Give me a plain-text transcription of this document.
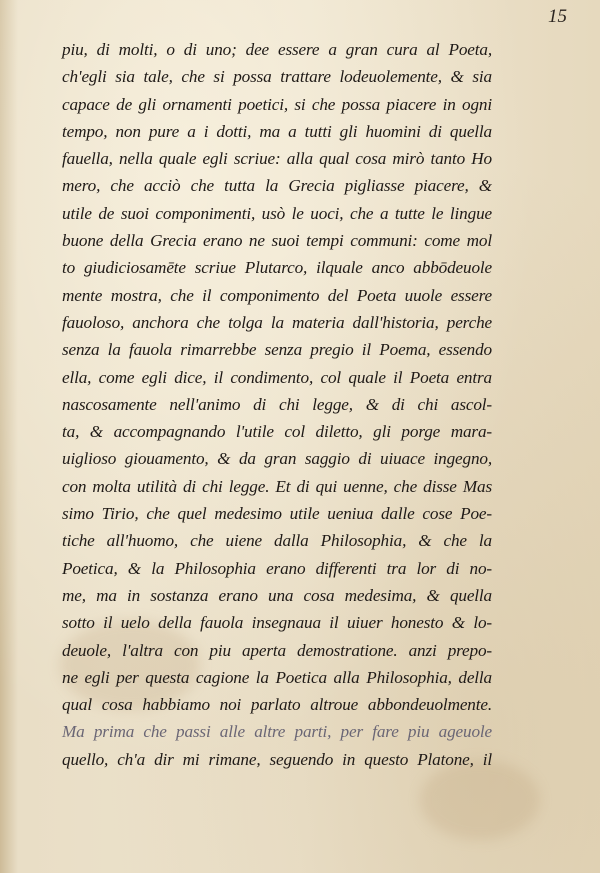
15
piu, di molti, o di uno; dee essere a gran cura al Poeta,
ch'egli sia tale, che si possa trattare lodeuolemente, & sia
capace de gli ornamenti poetici, si che possa piacere in ogni
tempo, non pure a i dotti, ma a tutti gli huomini di quella
fauella, nella quale egli scriue: alla qual cosa mirò tanto Ho
mero, che acciò che tutta la Grecia pigliasse piacere, &
utile de suoi componimenti, usò le uoci, che a tutte le lingue
buone della Grecia erano ne suoi tempi communi: come mol
to giudiciosamēte scriue Plutarco, ilquale anco abbōdeuole
mente mostra, che il componimento del Poeta uuole essere
fauoloso, anchora che tolga la materia dall'historia, perche
senza la fauola rimarrebbe senza pregio il Poema, essendo
ella, come egli dice, il condimento, col quale il Poeta entra
nascosamente nell'animo di chi legge, & di chi ascol-
ta, & accompagnando l'utile col diletto, gli porge mara-
uiglioso giouamento, & da gran saggio di uiuace ingegno,
con molta utilità di chi legge. Et di qui uenne, che disse Mas
simo Tirio, che quel medesimo utile ueniua dalle cose Poe-
tiche all'huomo, che uiene dalla Philosophia, & che la
Poetica, & la Philosophia erano differenti tra lor di no-
me, ma in sostanza erano una cosa medesima, & quella
sotto il uelo della fauola insegnaua il uiuer honesto & lo-
deuole, l'altra con piu aperta demostratione. anzi prepo-
ne egli per questa cagione la Poetica alla Philosophia, della
qual cosa habbiamo noi parlato altroue abbondeuolmente.
Ma prima che passi alle altre parti, per fare piu ageuole
quello, ch'a dir mi rimane, seguendo in questo Platone, il
